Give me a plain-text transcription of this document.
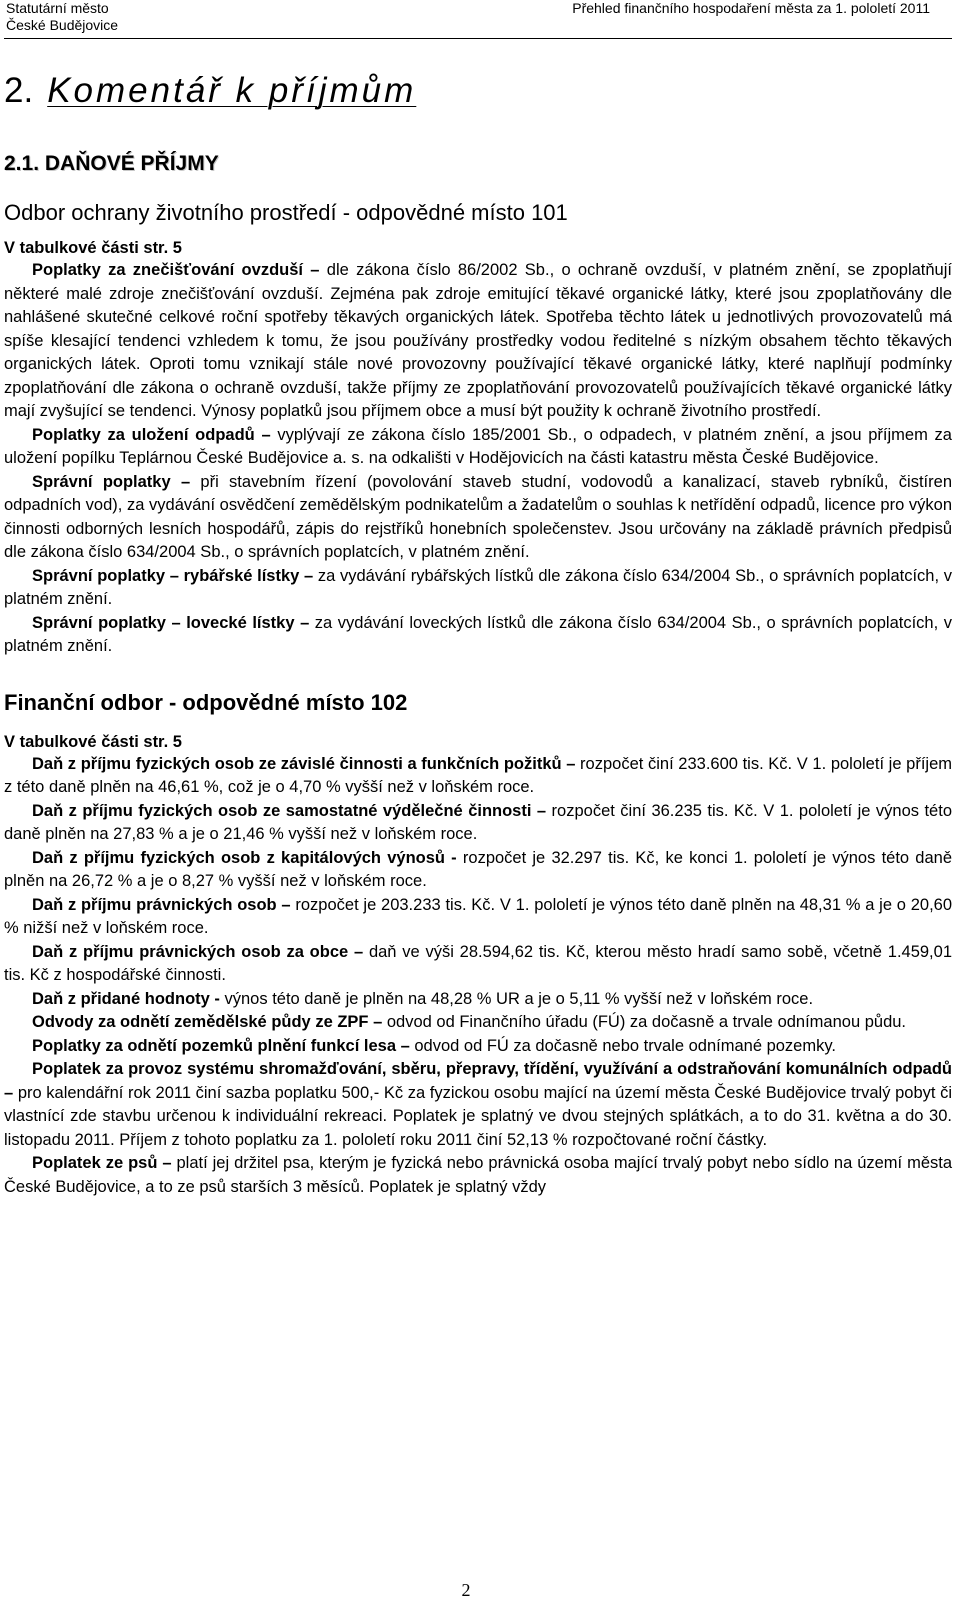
Statutární město
České Budějovice
Přehled finančního hospodaření města za 1. pololetí 2011
2. Komentář k příjmům
2.1. DAŇOVÉ PŘÍJMY
Odbor ochrany životního prostředí - odpovědné místo 101
V tabulkové části str. 5

Poplatky za znečišťování ovzduší – dle zákona číslo 86/2002 Sb., o ochraně ovzduší, v platném znění, se zpoplatňují některé malé zdroje znečišťování ovzduší. Zejména pak zdroje emitující těkavé organické látky, které jsou zpoplatňovány dle nahlášené skutečné celkové roční spotřeby těkavých organických látek. Spotřeba těchto látek u jednotlivých provozovatelů má spíše klesající tendenci vzhledem k tomu, že jsou používány prostředky vodou ředitelné s nízkým obsahem těchto těkavých organických látek. Oproti tomu vznikají stále nové provozovny používající těkavé organické látky, které naplňují podmínky zpoplatňování dle zákona o ochraně ovzduší, takže příjmy ze zpoplatňování provozovatelů používajících těkavé organické látky mají zvyšující se tendenci. Výnosy poplatků jsou příjmem obce a musí být použity k ochraně životního prostředí.

Poplatky za uložení odpadů – vyplývají ze zákona číslo 185/2001 Sb., o odpadech, v platném znění, a jsou příjmem za uložení popílku Teplárnou České Budějovice a. s. na odkališti v Hodějovicích na části katastru města České Budějovice.

Správní poplatky – při stavebním řízení (povolování staveb studní, vodovodů a kanalizací, staveb rybníků, čistíren odpadních vod), za vydávání osvědčení zemědělským podnikatelům a žadatelům o souhlas k netřídění odpadů, licence pro výkon činnosti odborných lesních hospodářů, zápis do rejstříků honebních společenstev. Jsou určovány na základě právních předpisů dle zákona číslo 634/2004 Sb., o správních poplatcích, v platném znění.

Správní poplatky – rybářské lístky – za vydávání rybářských lístků dle zákona číslo 634/2004 Sb., o správních poplatcích, v platném znění.

Správní poplatky – lovecké lístky – za vydávání loveckých lístků dle zákona číslo 634/2004 Sb., o správních poplatcích, v platném znění.

Finanční odbor - odpovědné místo 102
V tabulkové části str. 5

Daň z příjmu fyzických osob ze závislé činnosti a funkčních požitků – rozpočet činí 233.600 tis. Kč. V 1. pololetí je příjem z této daně plněn na 46,61 %, což je o 4,70 % vyšší než v loňském roce.

Daň z příjmu fyzických osob ze samostatné výdělečné činnosti – rozpočet činí 36.235 tis. Kč. V 1. pololetí je výnos této daně plněn na 27,83 % a je o 21,46 % vyšší než v loňském roce.

Daň z příjmu fyzických osob z kapitálových výnosů - rozpočet je 32.297 tis. Kč, ke konci 1. pololetí je výnos této daně plněn na 26,72 % a je o 8,27 % vyšší než v loňském roce.

Daň z příjmu právnických osob – rozpočet je 203.233 tis. Kč. V 1. pololetí je výnos této daně plněn na 48,31 % a je o 20,60 % nižší než v loňském roce.

Daň z příjmu právnických osob za obce – daň ve výši 28.594,62 tis. Kč, kterou město hradí samo sobě, včetně 1.459,01 tis. Kč z hospodářské činnosti.

Daň z přidané hodnoty - výnos této daně je plněn na 48,28 % UR a je o 5,11 % vyšší než v loňském roce.

Odvody za odnětí zemědělské půdy ze ZPF – odvod od Finančního úřadu (FÚ) za dočasně a trvale odnímanou půdu.

Poplatky za odnětí pozemků plnění funkcí lesa – odvod od FÚ za dočasně nebo trvale odnímané pozemky.

Poplatek za provoz systému shromažďování, sběru, přepravy, třídění, využívání a odstraňování komunálních odpadů – pro kalendářní rok 2011 činí sazba poplatku 500,- Kč za fyzickou osobu mající na území města České Budějovice trvalý pobyt či vlastnící zde stavbu určenou k individuální rekreaci. Poplatek je splatný ve dvou stejných splátkách, a to do 31. května a do 30. listopadu 2011. Příjem z tohoto poplatku za 1. pololetí roku 2011 činí 52,13 % rozpočtované roční částky.

Poplatek ze psů – platí jej držitel psa, kterým je fyzická nebo právnická osoba mající trvalý pobyt nebo sídlo na území města České Budějovice, a to ze psů starších 3 měsíců. Poplatek je splatný vždy

2
